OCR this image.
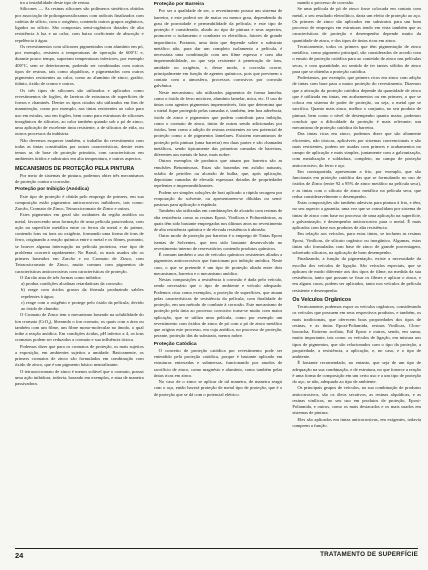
tra a testabilidade deste tipo de resina.

Silicones — As resinas silicones são polímeros sintéticos obtidos por associação de poliorganossiloxanos com radicais finalizados com cadeias de silício, com o oxigênio, contendo outros grupos orgânicos, ligados ao silício. São compostos semi-orgânicos dotados de alta resistência à luz e ao calor, com baixo coeficiente de absorção e repelência à água.

Os revestimentos com silicones pigmentados com alumínio em pó, por exemplo, resistem a temperaturas de operação de 600°C e, durante pouco tempo, suportam temperaturas inferiores, por exemplo 400°C, sem se deteriorarem, podendo ser combinadas com outros tipos de resinas, tais como alquídicas, e pigmentados com outros pigmentos resistentes ao calor, como ao alumínio de zinco, grafite, titânio, óxido de cromo e outros.

Os três tipos de silicones são utilizados e aplicados como revestimentos de fogões, de lareiras de estruturas de superfícies de fornos e chaminés. Dentre os tipos citados são utilizados em fins de manutenção, como por exemplo, nas tintas resistentes ao calor para uso em estufas, uso em fogões, bem como para estruturas de silicones inorgânicos de silicatos, ao calor também quando sob o pó de zinco, uma aplicação de excelente tinta resistente, a de silicatos de etila, ou outros processos da indústria.

Não devemos esquecer também, o trabalho do revestimento com todas as tintas constituídas por outras características, dentre estes temos as de base de proteção primária, com características em ambientes ácidos e substratos em alta temperatura, e outros aspectos.

MECANISMOS DE PROTEÇÃO PELA PINTURA

Por meio de sistemas de pintura, podemos obter três mecanismos de proteção contra a corrosão:

Proteção por Inibição (Anódica)

Este tipo de proteção é obtida pelo emprego de primers, em sua composição estão pigmentos anticorrosivos inibidores, tais como: Zarcão, Cromato de Zinco, Tetraoxicromato de Zinco e outros.

Estes pigmentos em geral são oxidantes da região anódica ou metal, favorecendo uma formação de uma película passivadora, com ação na superfície metálica entre os ferros do metal e do primer, contendo íons ou íons ou oxigênio, formando uma forma de íons de ferro, originando a reação química entre o metal e os filmes, portanto, se houver alguma interrupção na película protetora, esse tipo de problema ocorrerá rapidamente. No Brasil, os mais usados são os primers baseados em Zarcão e no Cromato de Zinco, com Tetraoxicromato de Zinco, muito comuns com pigmentos de características anticorrosivas com características de proteção.

O Zarcão atua de três formas como inibidor:

a) produz condições alcalinas retardadoras da corrosão;
b) reage com ácidos graxos da fórmula produzindo sabões repelentes à água;
c) reage com o oxigênio e protege pelo óxido da película, devido ao óxido de chumbo.

O Cromato de Zinco tem o mecanismo baseado na solubilidade do íon cromato (CrO₄), liberando o íon cromato, os quais com a área ou também com um filme, um filme mono-molecular no ânodo, o qual inibe a reação anódica. Em condições ácidas, pH inferior a 4, os íons cromatos podem ser reduzidos a cromato e sua influência tóxica.

Podemos dizer que para os cromatos de proteção, os mais sujeitos a exposição, em ambientes sujeitos a umidade. Basicamente, os primers cromatos de zinco são formulados em combinação com óxido de zinco, que é um pigmento básico neutralizante.

O tetraoxicromato de zinco é menos solúvel que o cromato, possui uma ação inibidora, todavia, baseado em exemplos, e atua de maneira passivadora.

Proteção por Barreira

Por ser a qualidade de ser, o revestimento possui um sistema de barreira, e este poderá ser de maior ou menor grau, dependendo do grau de porosidade e permeabilidade da película, e este tipo de proteção é considerado, aliado ao tipo de pintura e seus aspectos, promover o isolamento e combater os eletrólitos, fatores de grande importância. Portanto, uma tinta que depende sobre o substrato metálico não, para dar um completo isolamento a película, é necessária uma combinação com um filme espesso e com alta impermeabilidade, ou que seja resistente à penetração de íons, umidade ou oxigênio, e, desse modo, a corrosão ocorre, principalmente em função de agentes químicos, pois que previnem o contato com a atmosfera, processos corrosivos por corrosão galvânica.

Neste mecanismo, são utilizados pigmentos de forma lamelar, como o óxido de ferro micáceo, alumínio lamelar, mica, etc. O uso de tintas com agentes pigmentos impermeáveis, fato que determina que o metal fique protegido pelas camadas e, também, tem boa aderência, óxido de zinco e pigmentos que podem contribuir para inibição, como o cromato de zinco, tintas de outras sendo adicionadas por óxidos, bem como a adição de resinas resistentes ao seu potencial de proteção como a de pigmentos lamelares. Existem mecanismos de proteção pela pintura (uma barreira) em duas partes e são chamadas metálicos, sendo tipicamente das primeiras camadas de barreiras, diferentes aos metais de base, mais nobre.

Outros exemplos de produtos que atuam por barreira são as emulsões Betuminosas. Estas são baseadas em asfalto naturais, asfalto de petróleo ou alcatrão de hulha, que, após aplicação, depositam camadas de elevada espessura dotadas de propriedades repelentes e impermeabilizantes.

Podem ser simples soluções de brai aplicado a rápida secagem por evaporação do solvente, ou apresentarem-se diluídas ou semi-pastosas para aplicação a espátula.

Também são utilizadas em combinações de alcatrão com resinas de alta resistência como as resinas Epoxi, Vinílicas e Poliuretânicas, as quais têm sido bastante empregadas nos últimos anos no revestimento de alta resistência química e de elevada resistência à abrasão.

Outro modo de proteção por barreira é o emprego de Tintas Epoxi isentas de Solventes, que tem sido bastante desenvolvido no revestimento interno de reservatórios contendo produtos químicos.

É comum também o uso de veículos químicos resistentes aliados a pigmentos anticorrosivos que funcionam por inibição anódica. Neste caso, o que se pretende é um tipo de proteção aliada entre dois mecanismos, barreira e o mecanismo anódico.

Nestas composições a resistência à corrosão é dada pelo veículo, sendo necessário que o tipo de ambiente e veículo adequado. Podemos citar como exemplos, a proteção de superfícies, que atuam pelas características de resistência da película, com finalidade de proteção, em um método de combate à corrosão. Este mecanismo de proteção pela tinta ao processo corrosivo torna-se muito com maior aplicação, que se utiliza uma película, como por exemplo um revestimento com óxidos de zinco de pó com o pó de zinco metálico que origina este processo, em cuja anódica, no processo de proteção, perante, proteção das do substrato, menos nobre.

Proteção Catódica

O conceito de proteção catódica por revestimento pode ser entendido pela proteção catódica, porque é bastante aplicado em estruturas enterradas e submersas, funcionando por anodos de sacrifício de zinco, como magnésio e alumínio, como também pelas tintas ricas em zinco.

No caso de o zinco se aplicar de tal maneira, de maneira reagir com o aço, então haverá proteção de metal tipo de proteção, que é o de proteção que se dá com o potencial elétrico.

mando o processo de corrosão.

Se uma película de pó de zinco fosse colocada em contato com metal, o seu resultado eletrolítico, daria um efeito de proteção ao aço. Os primers de zinco são aplicados em substratos para um bom processo de empregos em estruturas tendo em vista também que as características de proteção e desempenho depende muito da quantidade de zinco, e dos tipos de tintas ricas em zinco.

Tecnicamente, todos os primers que têm pigmentação de zinco metálico, como pigmento principal, são considerados de acordo com o ensaio de proteção catódica para ao conteúdo de zinco nas películas secas, e com quantidade, no sentido de ter tantos sólidos de zinco para que se obtenha a proteção catódica.

Poderíamos, por exemplo, que primers ricos em zinco com adição de tintas com base para a maior proteção do revestimento. Dizemos que a ativação da proteção catódica depende da quantidade de zinco que é utilizada em tintas, em acabamentos ou em primers, o que se coloca em sistema de poder de proteção, ou seja, o metal que se sacrifica. Quanto mais zinco, melhor o conjunto, no seu produto de pintura, bem como o nível de desempenho quanto maior, podemos concluir que a dificuldade da proteção é mais relevante, um mecanismo de proteção catódica da barreira.

Das tintas ricas em zinco, podemos dizer que são altamente eficientes, não tóxicas, aplicáveis por sistemas convencionais e são mais resistentes, podem ser usadas com primers e acabamentos no campo de aplicação e mais simples, juntamente com a galvanização, com metalização e soldadura, completo, no campo de proteção anticorrosivo, do ferro e aço.

Em contrapartida, apresentam a frio, por exemplo, que são funcionais em proteção catódica das que se formulando no uso de óxidos de Zinco (entre 92 a 95% de zinco metálico na película seca), e as tintas com o silicato de zinco metálico na película seca, que reduz consideravelmente o desempenho.

Estas composições são também adesivas para pintura à frio, e têm, no seu aspecto a garantia, uma vez que se consolidam por sistema de tintas de zinco com base no processo de uma aplicação na superfície, a galvanização, e desempenho anticorrosivo para o metal. É mais aplicados com base nos produtos de alta resistência.

Em relação aos veículos, para estas tintas, se incluem as resinas Epoxi, Vinílicas, de silicato orgânico ou inorgânico. Algumas, estas tintas são formuladas com base de zinco de grande porcentagem, sobretudo silicatos, na aplicação de bom desempenho.

Finalizando, a função da pigmentação, existe a necessidade da escolha dos veículos de ligação. São veículos especiais, que se aplicam de modo diferente aos dos tipos de filme, na medida da sua resistência, tanto que possam se fixar os filmes e aplicar o zinco, e em alguns casos, podem ser aplicados, tanto nos veículos de película resistente e desempenho.

Os Veículos Orgânicos

Tecnicamente, podemos expor os veículos orgânicos, considerando os veículos que possuem em seus respectivos produtos, e também, os mais tradicionais, que oferecem boas propriedades dos tipos de resinas, e as tintas Epoxi-Poliamida, resinas Vinílicas, Cloro-borracha, Estireno acrilato, Etil Epoxi e outros, sendo, em suma, muito importante, tais como: os veículos de ligação, em mistura aos tipos de pigmentos, que são relacionados com o tipo da proteção, a propriedade, a resistência, a aplicação, e, no caso, e o tipo de ambiente.

É bastante recomendado, no entanto, que seja de um tipo de adequação na sua combinação, e de estrutura, no que fornece a reação é uma forma de composição em um certo uso e a um tipo de proteção do aço, se não, adequado ao tipo de ambiente.

Os principais grupos de veículos, na sua combinação de produtos anticorrosivos, são os óleos secativos, as resinas alquídicas, e as resinas vinílicas, no seu uso em produtos de proteção, Epoxi-Poliamida, e outros, como os mais destacados e os mais usados em sistemas de pintura.

Eles são aplicados em tintas anticorrosivas, em exigentes, todavia cumprem a função.

24	TRATAMENTO DE SUPERFÍCIE
